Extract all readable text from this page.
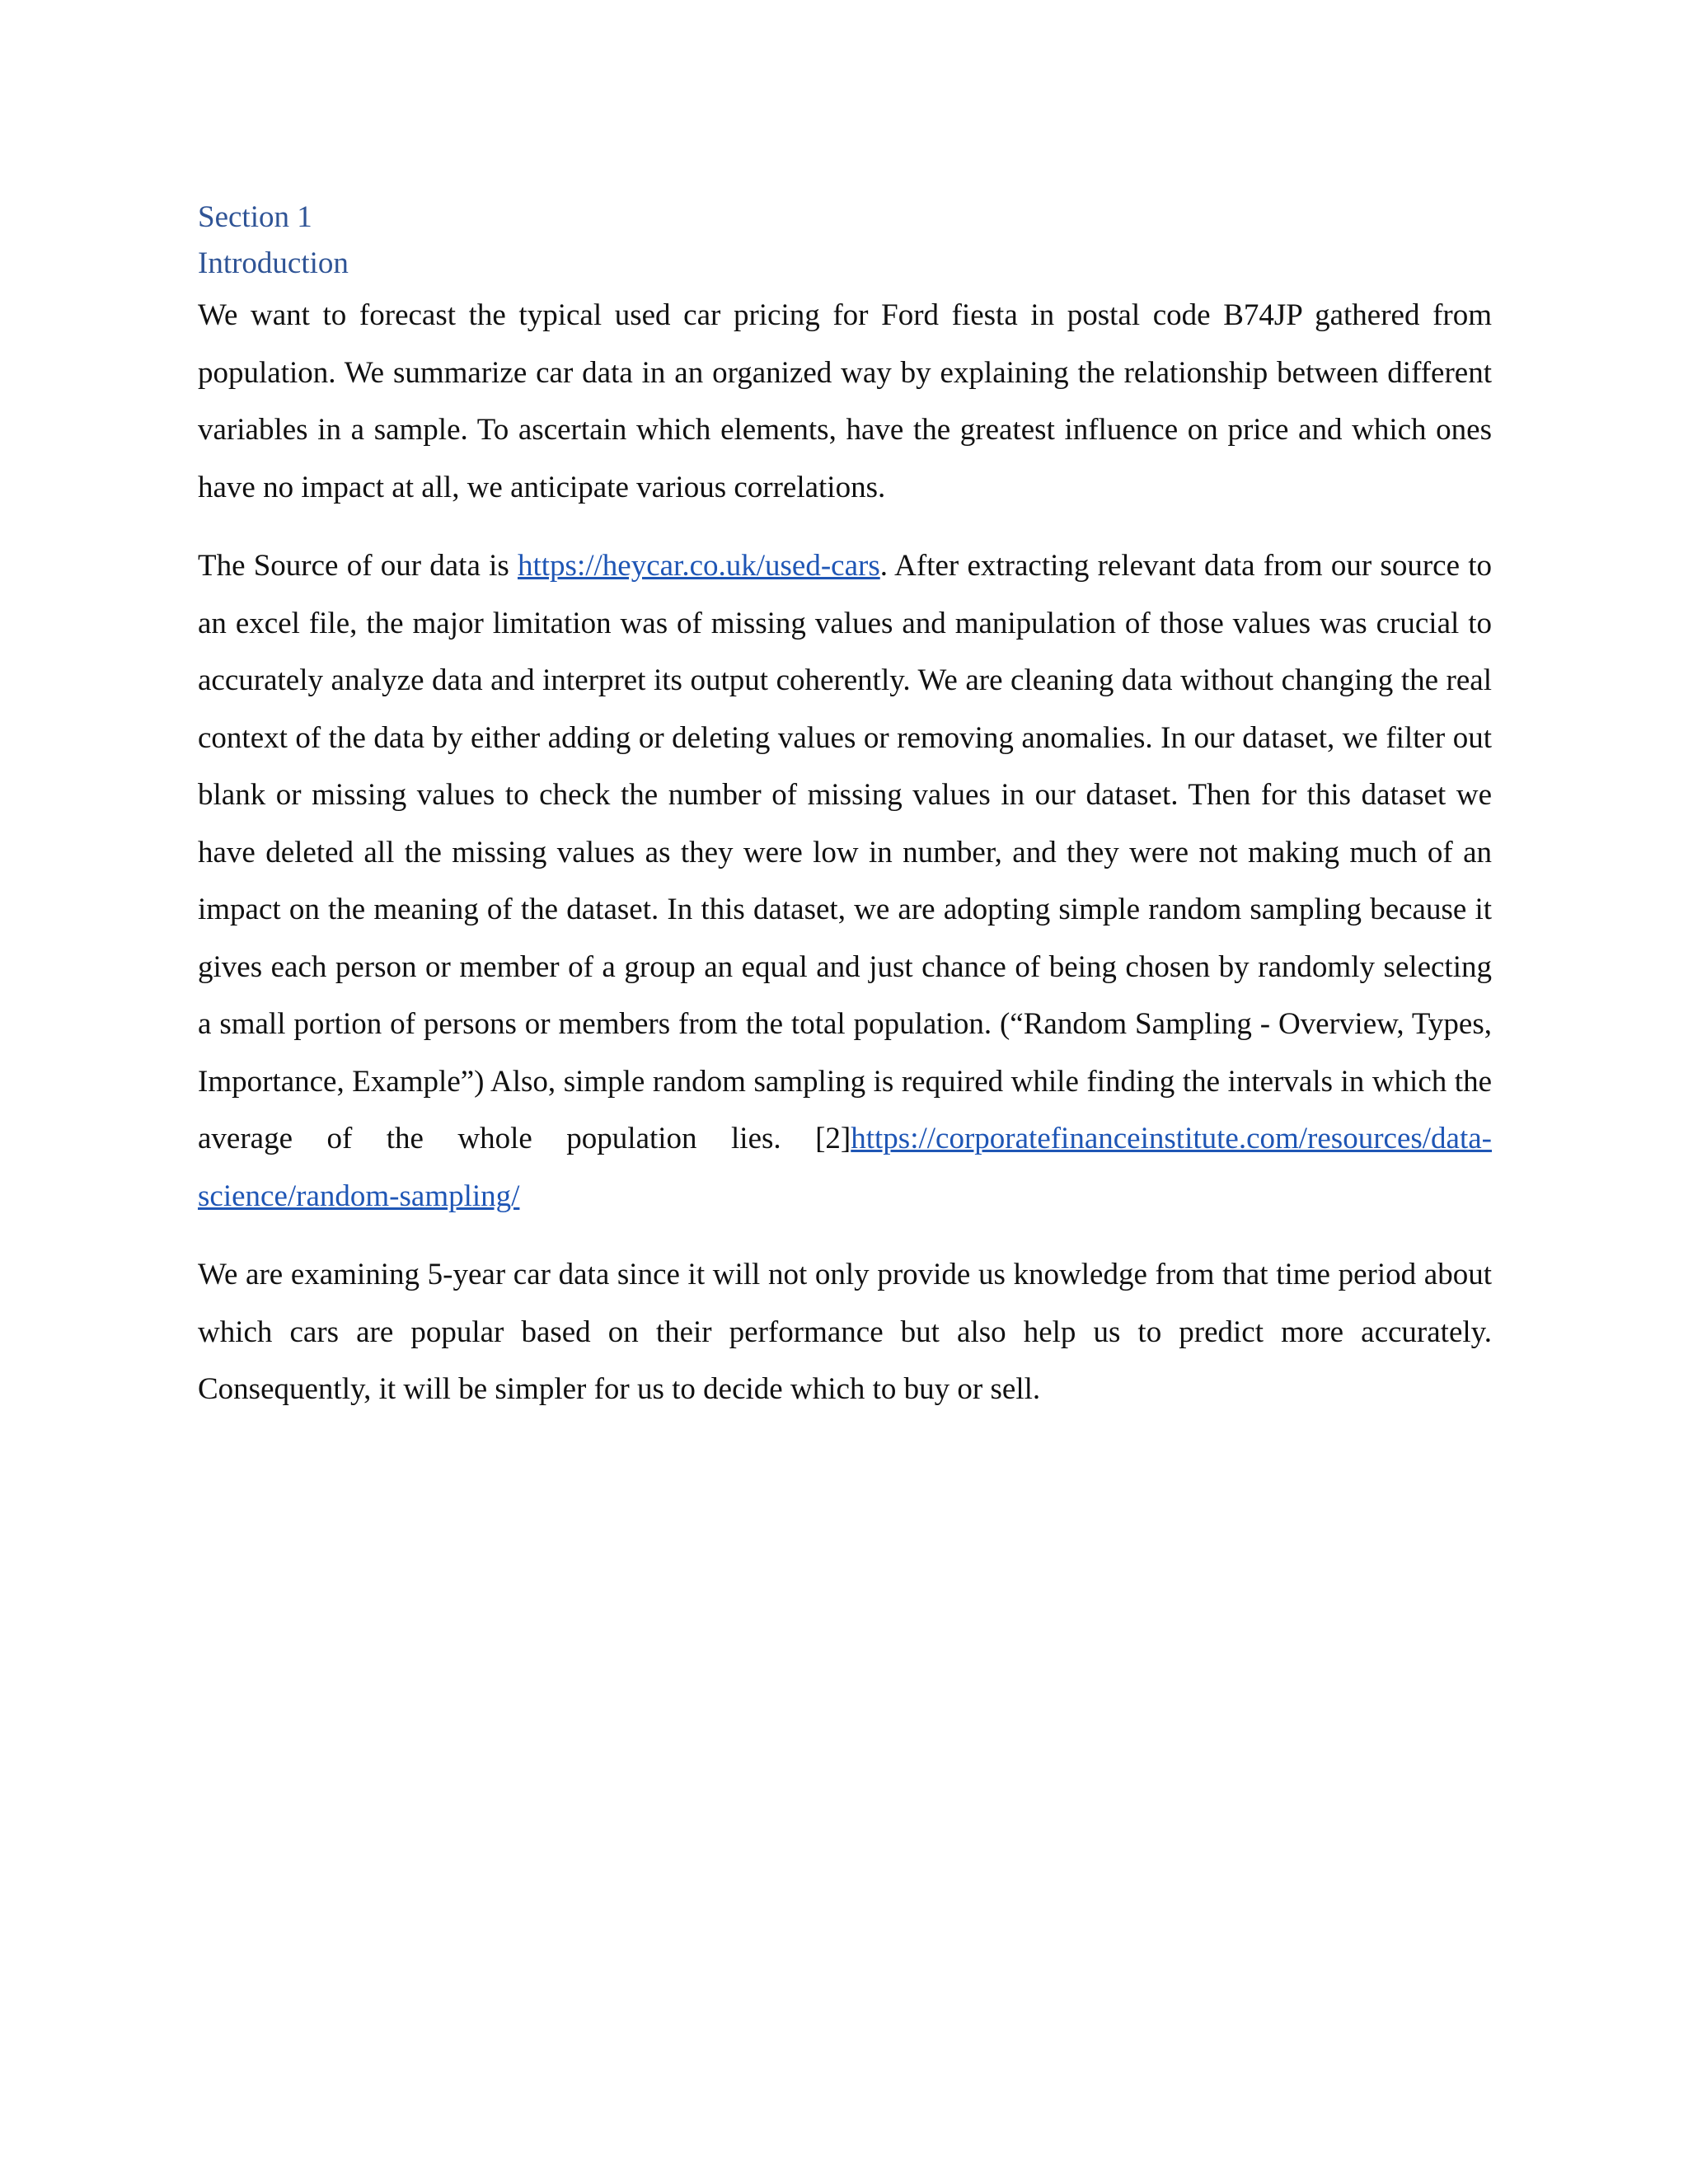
Section 1
Introduction

We want to forecast the typical used car pricing for Ford fiesta in postal code B74JP gathered from population. We summarize car data in an organized way by explaining the relationship between different variables in a sample. To ascertain which elements, have the greatest influence on price and which ones have no impact at all, we anticipate various correlations.

The Source of our data is https://heycar.co.uk/used-cars. After extracting relevant data from our source to an excel file, the major limitation was of missing values and manipulation of those values was crucial to accurately analyze data and interpret its output coherently. We are cleaning data without changing the real context of the data by either adding or deleting values or removing anomalies. In our dataset, we filter out blank or missing values to check the number of missing values in our dataset. Then for this dataset we have deleted all the missing values as they were low in number, and they were not making much of an impact on the meaning of the dataset. In this dataset, we are adopting simple random sampling because it gives each person or member of a group an equal and just chance of being chosen by randomly selecting a small portion of persons or members from the total population. (“Random Sampling - Overview, Types, Importance, Example”) Also, simple random sampling is required while finding the intervals in which the average of the whole population lies. [2]https://corporatefinanceinstitute.com/resources/data-science/random-sampling/

We are examining 5-year car data since it will not only provide us knowledge from that time period about which cars are popular based on their performance but also help us to predict more accurately. Consequently, it will be simpler for us to decide which to buy or sell.
